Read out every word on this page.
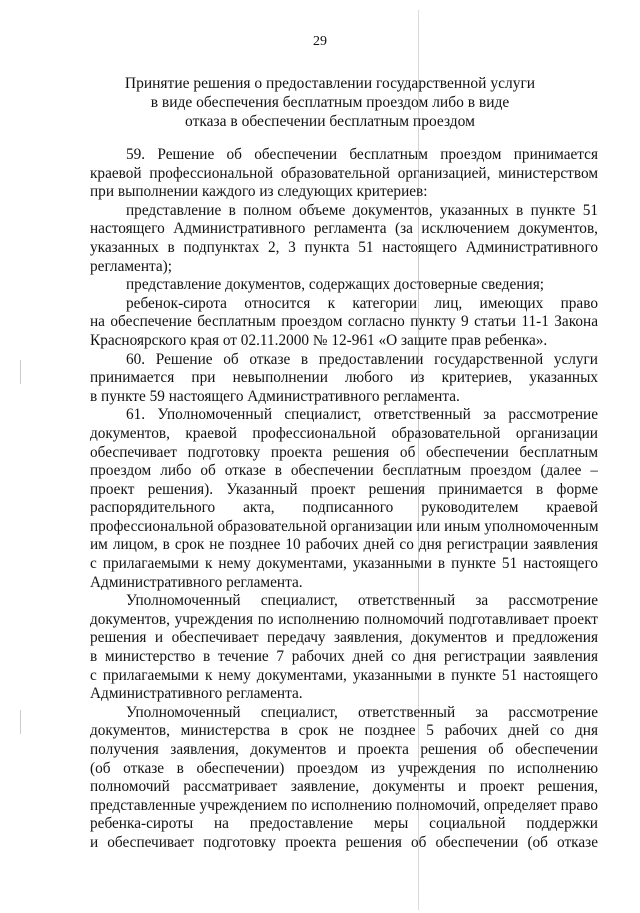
29
Принятие решения о предоставлении государственной услуги
в виде обеспечения бесплатным проездом либо в виде
отказа в обеспечении бесплатным проездом
59. Решение об обеспечении бесплатным проездом принимается
краевой профессиональной образовательной организацией, министерством
при выполнении каждого из следующих критериев:
представление в полном объеме документов, указанных в пункте 51
настоящего Административного регламента (за исключением документов,
указанных в подпунктах 2, 3 пункта 51 настоящего Административного
регламента);
представление документов, содержащих достоверные сведения;
ребенок-сирота относится к категории лиц, имеющих право
на обеспечение бесплатным проездом согласно пункту 9 статьи 11-1 Закона
Красноярского края от 02.11.2000 № 12-961 «О защите прав ребенка».
60. Решение об отказе в предоставлении государственной услуги
принимается при невыполнении любого из критериев, указанных
в пункте 59 настоящего Административного регламента.
61. Уполномоченный специалист, ответственный за рассмотрение
документов, краевой профессиональной образовательной организации
обеспечивает подготовку проекта решения об обеспечении бесплатным
проездом либо об отказе в обеспечении бесплатным проездом (далее –
проект решения). Указанный проект решения принимается в форме
распорядительного акта, подписанного руководителем краевой
профессиональной образовательной организации или иным уполномоченным
им лицом, в срок не позднее 10 рабочих дней со дня регистрации заявления
с прилагаемыми к нему документами, указанными в пункте 51 настоящего
Административного регламента.
Уполномоченный специалист, ответственный за рассмотрение
документов, учреждения по исполнению полномочий подготавливает проект
решения и обеспечивает передачу заявления, документов и предложения
в министерство в течение 7 рабочих дней со дня регистрации заявления
с прилагаемыми к нему документами, указанными в пункте 51 настоящего
Административного регламента.
Уполномоченный специалист, ответственный за рассмотрение
документов, министерства в срок не позднее 5 рабочих дней со дня
получения заявления, документов и проекта решения об обеспечении
(об отказе в обеспечении) проездом из учреждения по исполнению
полномочий рассматривает заявление, документы и проект решения,
представленные учреждением по исполнению полномочий, определяет право
ребенка-сироты на предоставление меры социальной поддержки
и обеспечивает подготовку проекта решения об обеспечении (об отказе
